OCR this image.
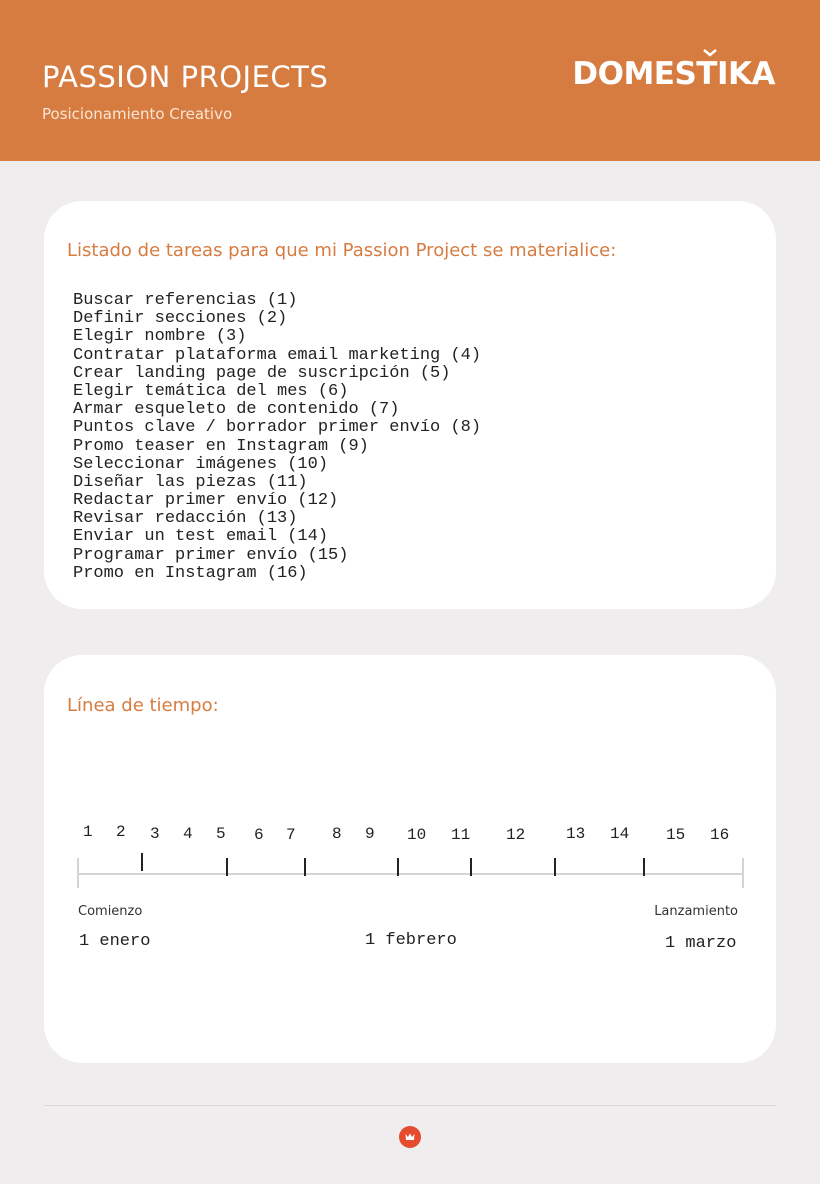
PASSION PROJECTS
Posicionamiento Creativo
DOMESTIKA
Listado de tareas para que mi Passion Project se materialice:
Buscar referencias (1)
Definir secciones (2)
Elegir nombre (3)
Contratar plataforma email marketing (4)
Crear landing page de suscripción (5)
Elegir temática del mes (6)
Armar esqueleto de contenido (7)
Puntos clave / borrador primer envío (8)
Promo teaser en Instagram (9)
Seleccionar imágenes (10)
Diseñar las piezas (11)
Redactar primer envío (12)
Revisar redacción (13)
Enviar un test email (14)
Programar primer envío (15)
Promo en Instagram (16)
Línea de tiempo:
1 2 3 4 5 6 7 8 9 10 11 12	13 14 15 16
Comienzo	Lanzamiento
1 enero	1 febrero	1 marzo
